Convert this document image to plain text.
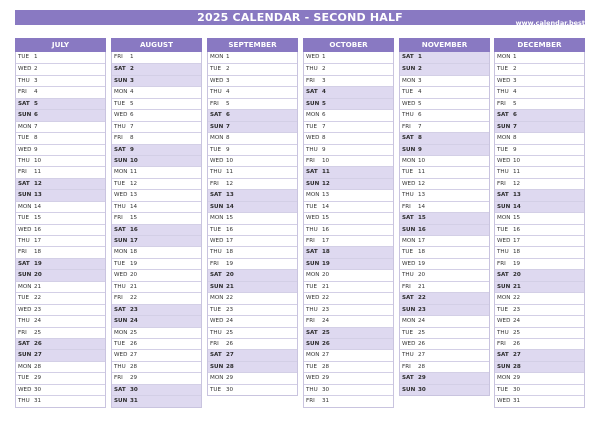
2025 CALENDAR - SECOND HALF	www.calendar.best
JULY
TUE 1
WED 2
THU 3
FRI	4
SAT 5
SUN 6
MON 7
TUE 8
WED 9
THU 10
FRI	11
SAT 12
SUN 13
MON 14
TUE 15
WED 16
THU 17
FRI	18
SAT 19
SUN 20
MON 21
TUE 22
WED 23
THU 24
FRI	25
SAT 26
SUN 27
MON 28
TUE 29
WED 30
THU 31
AUGUST
FRI	1
SAT 2
SUN 3
MON 4
TUE 5
WED 6
THU 7
FRI	8
SAT 9
SUN 10
MON 11
TUE 12
WED 13
THU 14
FRI	15
SAT 16
SUN 17
MON 18
TUE 19
WED 20
THU 21
FRI	22
SAT 23
SUN 24
MON 25
TUE 26
WED 27
THU 28
FRI	29
SAT 30
SUN 31
SEPTEMBER
MON 1
TUE 2
WED 3
THU 4
FRI	5
SAT 6
SUN 7
MON 8
TUE 9
WED 10
THU 11
FRI	12
SAT 13
SUN 14
MON 15
TUE 16
WED 17
THU 18
FRI	19
SAT 20
SUN 21
MON 22
TUE 23
WED 24
THU 25
FRI	26
SAT 27
SUN 28
MON 29
TUE 30
OCTOBER
WED 1
THU 2
FRI	3
SAT 4
SUN 5
MON 6
TUE 7
WED 8
THU 9
FRI	10
SAT 11
SUN 12
MON 13
TUE 14
WED 15
THU 16
FRI	17
SAT 18
SUN 19
MON 20
TUE 21
WED 22
THU 23
FRI	24
SAT 25
SUN 26
MON 27
TUE 28
WED 29
THU 30
FRI	31
NOVEMBER
SAT 1
SUN 2
MON 3
TUE 4
WED 5
THU 6
FRI	7
SAT 8
SUN 9
MON 10
TUE 11
WED 12
THU 13
FRI	14
SAT 15
SUN 16
MON 17
TUE 18
WED 19
THU 20
FRI	21
SAT 22
SUN 23
MON 24
TUE 25
WED 26
THU 27
FRI	28
SAT 29
SUN 30
DECEMBER
MON 1
TUE 2
WED 3
THU 4
FRI	5
SAT 6
SUN 7
MON 8
TUE 9
WED 10
THU 11
FRI	12
SAT 13
SUN 14
MON 15
TUE 16
WED 17
THU 18
FRI	19
SAT 20
SUN 21
MON 22
TUE 23
WED 24
THU 25
FRI	26
SAT 27
SUN 28
MON 29
TUE 30
WED 31
